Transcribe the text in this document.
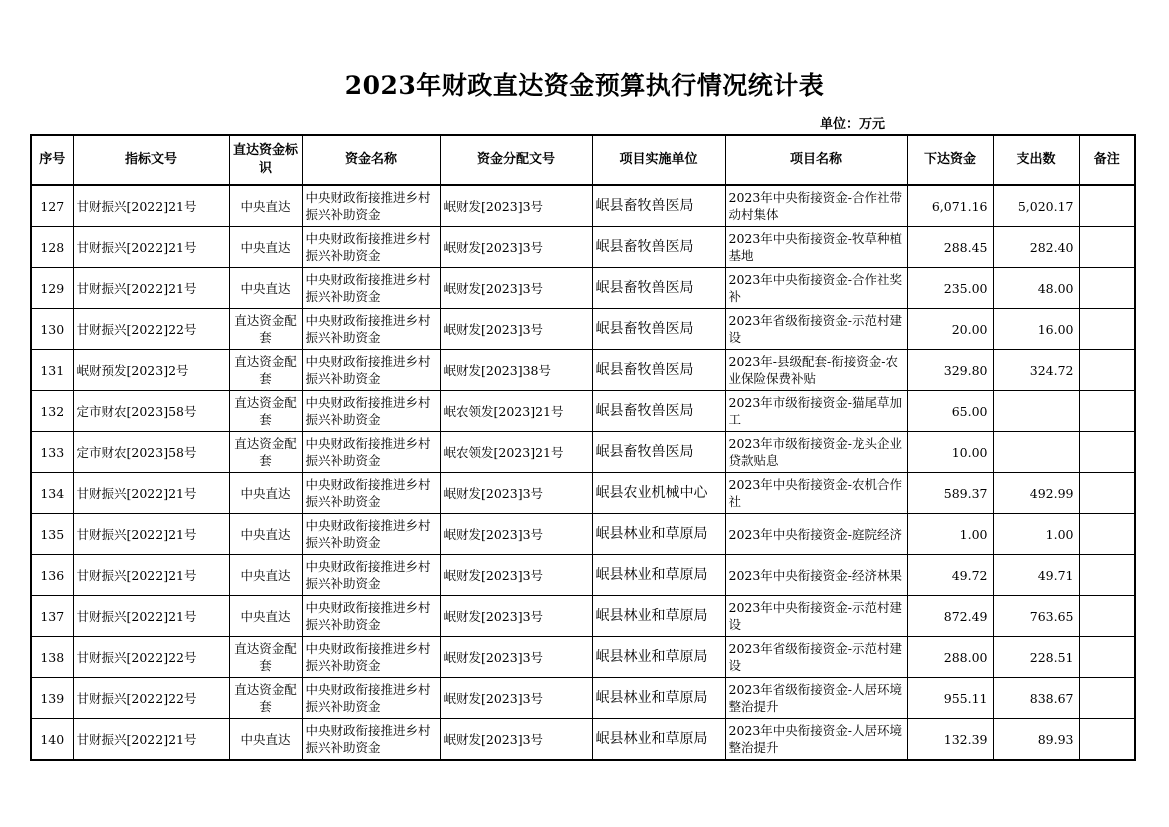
2023年财政直达资金预算执行情况统计表
单位：万元
序号	指标文号	直达资金标识	资金名称	资金分配文号	项目实施单位	项目名称	下达资金	支出数	备注
127	甘财振兴[2022]21号	中央直达	中央财政衔接推进乡村振兴补助资金	岷财发[2023]3号	岷县畜牧兽医局	2023年中央衔接资金-合作社带动村集体	6,071.16	5,020.17	
128	甘财振兴[2022]21号	中央直达	中央财政衔接推进乡村振兴补助资金	岷财发[2023]3号	岷县畜牧兽医局	2023年中央衔接资金-牧草种植基地	288.45	282.40	
129	甘财振兴[2022]21号	中央直达	中央财政衔接推进乡村振兴补助资金	岷财发[2023]3号	岷县畜牧兽医局	2023年中央衔接资金-合作社奖补	235.00	48.00	
130	甘财振兴[2022]22号	直达资金配套	中央财政衔接推进乡村振兴补助资金	岷财发[2023]3号	岷县畜牧兽医局	2023年省级衔接资金-示范村建设	20.00	16.00	
131	岷财预发[2023]2号	直达资金配套	中央财政衔接推进乡村振兴补助资金	岷财发[2023]38号	岷县畜牧兽医局	2023年-县级配套-衔接资金-农业保险保费补贴	329.80	324.72	
132	定市财农[2023]58号	直达资金配套	中央财政衔接推进乡村振兴补助资金	岷农领发[2023]21号	岷县畜牧兽医局	2023年市级衔接资金-猫尾草加工	65.00		
133	定市财农[2023]58号	直达资金配套	中央财政衔接推进乡村振兴补助资金	岷农领发[2023]21号	岷县畜牧兽医局	2023年市级衔接资金-龙头企业贷款贴息	10.00		
134	甘财振兴[2022]21号	中央直达	中央财政衔接推进乡村振兴补助资金	岷财发[2023]3号	岷县农业机械中心	2023年中央衔接资金-农机合作社	589.37	492.99	
135	甘财振兴[2022]21号	中央直达	中央财政衔接推进乡村振兴补助资金	岷财发[2023]3号	岷县林业和草原局	2023年中央衔接资金-庭院经济	1.00	1.00	
136	甘财振兴[2022]21号	中央直达	中央财政衔接推进乡村振兴补助资金	岷财发[2023]3号	岷县林业和草原局	2023年中央衔接资金-经济林果	49.72	49.71	
137	甘财振兴[2022]21号	中央直达	中央财政衔接推进乡村振兴补助资金	岷财发[2023]3号	岷县林业和草原局	2023年中央衔接资金-示范村建设	872.49	763.65	
138	甘财振兴[2022]22号	直达资金配套	中央财政衔接推进乡村振兴补助资金	岷财发[2023]3号	岷县林业和草原局	2023年省级衔接资金-示范村建设	288.00	228.51	
139	甘财振兴[2022]22号	直达资金配套	中央财政衔接推进乡村振兴补助资金	岷财发[2023]3号	岷县林业和草原局	2023年省级衔接资金-人居环境整治提升	955.11	838.67	
140	甘财振兴[2022]21号	中央直达	中央财政衔接推进乡村振兴补助资金	岷财发[2023]3号	岷县林业和草原局	2023年中央衔接资金-人居环境整治提升	132.39	89.93	
